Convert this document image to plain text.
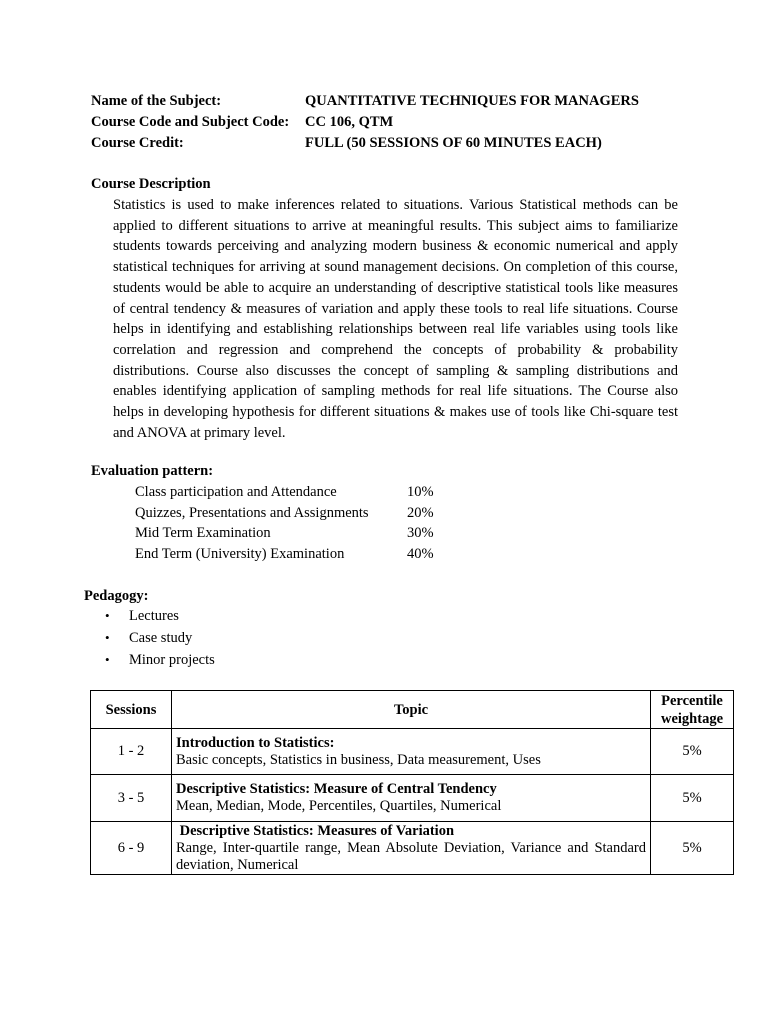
Name of the Subject:	QUANTITATIVE TECHNIQUES FOR MANAGERS
Course Code and Subject Code: CC 106, QTM
Course Credit:	FULL (50 SESSIONS OF 60 MINUTES EACH)
Course Description

Statistics is used to make inferences related to situations. Various Statistical methods can be applied to different situations to arrive at meaningful results. This subject aims to familiarize students towards perceiving and analyzing modern business & economic numerical and apply statistical techniques for arriving at sound management decisions. On completion of this course, students would be able to acquire an understanding of descriptive statistical tools like measures of central tendency & measures of variation and apply these tools to real life situations. Course helps in identifying and establishing relationships between real life variables using tools like correlation and regression and comprehend the concepts of probability & probability distributions. Course also discusses the concept of sampling & sampling distributions and enables identifying application of sampling methods for real life situations. The Course also helps in developing hypothesis for different situations & makes use of tools like Chi-square test and ANOVA at primary level.

Evaluation pattern:
Class participation and Attendance	10%
Quizzes, Presentations and Assignments	20%
Mid Term Examination	30%
End Term (University) Examination	40%
Pedagogy:
• Lectures
• Case study
• Minor projects
Sessions	Topic	Percentile
weightage
1 - 2	Introduction to Statistics:
Basic concepts, Statistics in business, Data measurement, Uses	5%
3 - 5	Descriptive Statistics: Measure of Central Tendency
Mean, Median, Mode, Percentiles, Quartiles, Numerical	5%
6 - 9	Descriptive Statistics: Measures of Variation
Range, Inter-quartile range, Mean Absolute Deviation, Variance and Standard deviation, Numerical	5%
